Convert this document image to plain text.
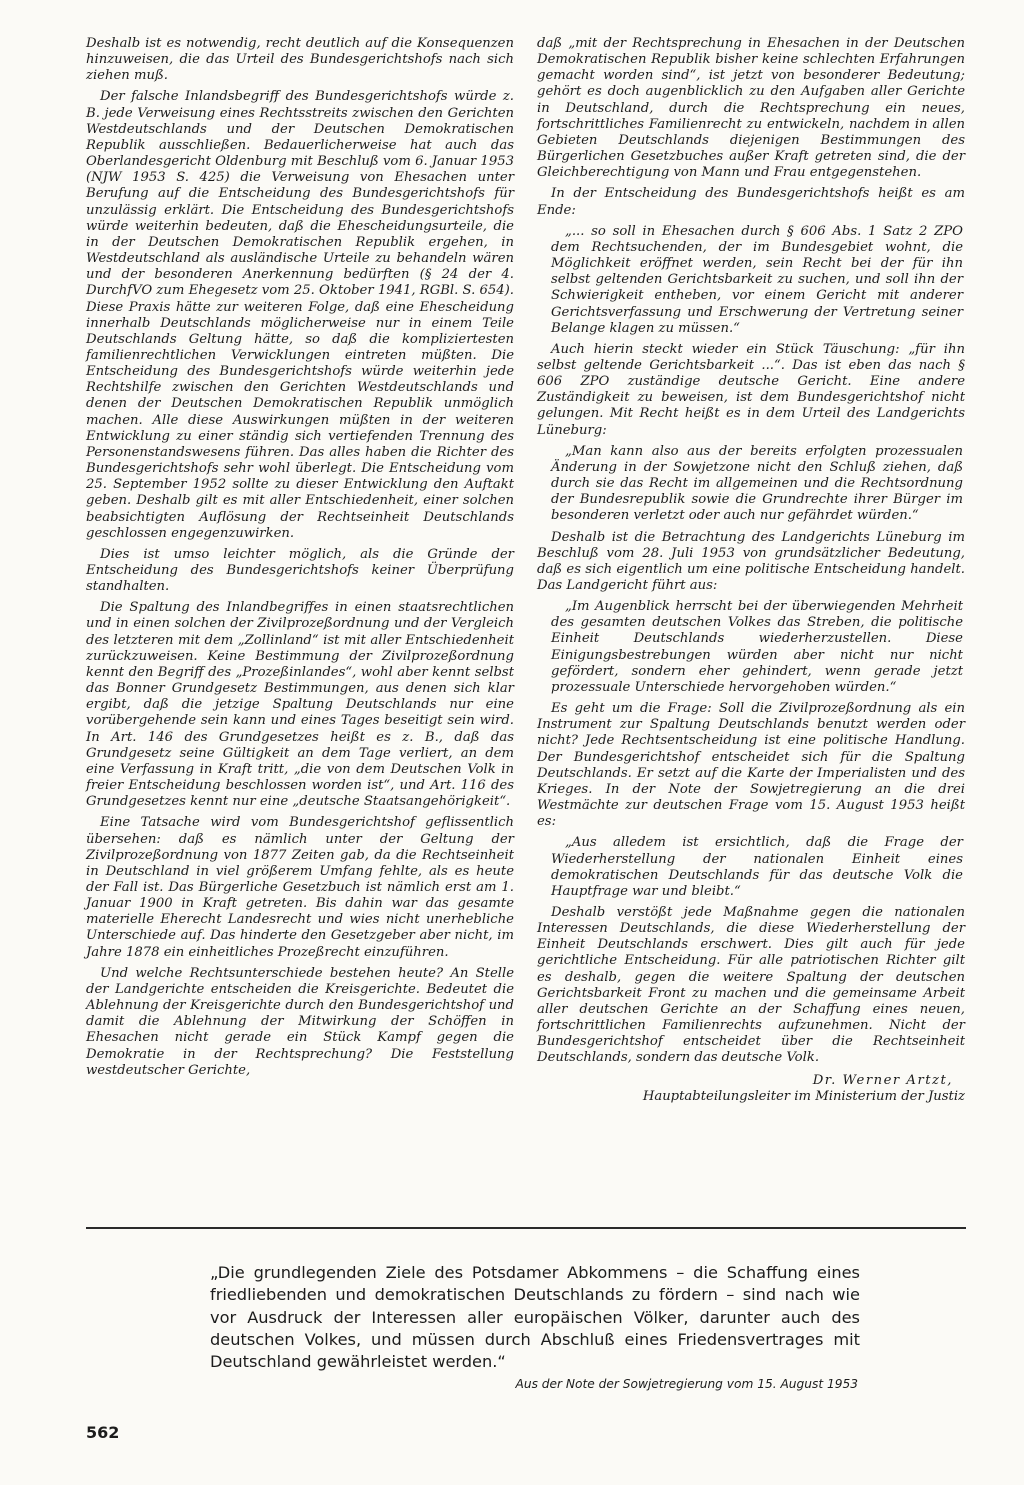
Deshalb ist es notwendig, recht deutlich auf die Konsequenzen hinzuweisen, die das Urteil des Bundesgerichtshofs nach sich ziehen muß.

Der falsche Inlandsbegriff des Bundesgerichtshofs würde z. B. jede Verweisung eines Rechtsstreits zwischen den Gerichten Westdeutschlands und der Deutschen Demokratischen Republik ausschließen. Bedauerlicherweise hat auch das Oberlandesgericht Oldenburg mit Beschluß vom 6. Januar 1953 (NJW 1953 S. 425) die Verweisung von Ehesachen unter Berufung auf die Entscheidung des Bundesgerichtshofs für unzulässig erklärt. Die Entscheidung des Bundesgerichtshofs würde weiterhin bedeuten, daß die Ehescheidungsurteile, die in der Deutschen Demokratischen Republik ergehen, in Westdeutschland als ausländische Urteile zu behandeln wären und der besonderen Anerkennung bedürften (§ 24 der 4. DurchfVO zum Ehegesetz vom 25. Oktober 1941, RGBl. S. 654). Diese Praxis hätte zur weiteren Folge, daß eine Ehescheidung innerhalb Deutschlands möglicherweise nur in einem Teile Deutschlands Geltung hätte, so daß die kompliziertesten familienrechtlichen Verwicklungen eintreten müßten. Die Entscheidung des Bundesgerichtshofs würde weiterhin jede Rechtshilfe zwischen den Gerichten Westdeutschlands und denen der Deutschen Demokratischen Republik unmöglich machen. Alle diese Auswirkungen müßten in der weiteren Entwicklung zu einer ständig sich vertiefenden Trennung des Personenstandswesens führen. Das alles haben die Richter des Bundesgerichtshofs sehr wohl überlegt. Die Entscheidung vom 25. September 1952 sollte zu dieser Entwicklung den Auftakt geben. Deshalb gilt es mit aller Entschiedenheit, einer solchen beabsichtigten Auflösung der Rechtseinheit Deutschlands geschlossen engegenzuwirken.

Dies ist umso leichter möglich, als die Gründe der Entscheidung des Bundesgerichtshofs keiner Überprüfung standhalten.

Die Spaltung des Inlandbegriffes in einen staatsrechtlichen und in einen solchen der Zivilprozeßordnung und der Vergleich des letzteren mit dem „Zollinland“ ist mit aller Entschiedenheit zurückzuweisen. Keine Bestimmung der Zivilprozeßordnung kennt den Begriff des „Prozeßinlandes“, wohl aber kennt selbst das Bonner Grundgesetz Bestimmungen, aus denen sich klar ergibt, daß die jetzige Spaltung Deutschlands nur eine vorübergehende sein kann und eines Tages beseitigt sein wird. In Art. 146 des Grundgesetzes heißt es z. B., daß das Grundgesetz seine Gültigkeit an dem Tage verliert, an dem eine Verfassung in Kraft tritt, „die von dem Deutschen Volk in freier Entscheidung beschlossen worden ist“, und Art. 116 des Grundgesetzes kennt nur eine „deutsche Staatsangehörigkeit“.

Eine Tatsache wird vom Bundesgerichtshof geflissentlich übersehen: daß es nämlich unter der Geltung der Zivilprozeßordnung von 1877 Zeiten gab, da die Rechtseinheit in Deutschland in viel größerem Umfang fehlte, als es heute der Fall ist. Das Bürgerliche Gesetzbuch ist nämlich erst am 1. Januar 1900 in Kraft getreten. Bis dahin war das gesamte materielle Eherecht Landesrecht und wies nicht unerhebliche Unterschiede auf. Das hinderte den Gesetzgeber aber nicht, im Jahre 1878 ein einheitliches Prozeßrecht einzuführen.

Und welche Rechtsunterschiede bestehen heute? An Stelle der Landgerichte entscheiden die Kreisgerichte. Bedeutet die Ablehnung der Kreisgerichte durch den Bundesgerichtshof und damit die Ablehnung der Mitwirkung der Schöffen in Ehesachen nicht gerade ein Stück Kampf gegen die Demokratie in der Rechtsprechung? Die Feststellung westdeutscher Gerichte,

daß „mit der Rechtsprechung in Ehesachen in der Deutschen Demokratischen Republik bisher keine schlechten Erfahrungen gemacht worden sind“, ist jetzt von besonderer Bedeutung; gehört es doch augenblicklich zu den Aufgaben aller Gerichte in Deutschland, durch die Rechtsprechung ein neues, fortschrittliches Familienrecht zu entwickeln, nachdem in allen Gebieten Deutschlands diejenigen Bestimmungen des Bürgerlichen Gesetzbuches außer Kraft getreten sind, die der Gleichberechtigung von Mann und Frau entgegenstehen.

In der Entscheidung des Bundesgerichtshofs heißt es am Ende:

„... so soll in Ehesachen durch § 606 Abs. 1 Satz 2 ZPO dem Rechtsuchenden, der im Bundesgebiet wohnt, die Möglichkeit eröffnet werden, sein Recht bei der für ihn selbst geltenden Gerichtsbarkeit zu suchen, und soll ihn der Schwierigkeit entheben, vor einem Gericht mit anderer Gerichtsverfassung und Erschwerung der Vertretung seiner Belange klagen zu müssen.“

Auch hierin steckt wieder ein Stück Täuschung: „für ihn selbst geltende Gerichtsbarkeit ...“. Das ist eben das nach § 606 ZPO zuständige deutsche Gericht. Eine andere Zuständigkeit zu beweisen, ist dem Bundesgerichtshof nicht gelungen. Mit Recht heißt es in dem Urteil des Landgerichts Lüneburg:

„Man kann also aus der bereits erfolgten prozessualen Änderung in der Sowjetzone nicht den Schluß ziehen, daß durch sie das Recht im allgemeinen und die Rechtsordnung der Bundesrepublik sowie die Grundrechte ihrer Bürger im besonderen verletzt oder auch nur gefährdet würden.“

Deshalb ist die Betrachtung des Landgerichts Lüneburg im Beschluß vom 28. Juli 1953 von grundsätzlicher Bedeutung, daß es sich eigentlich um eine politische Entscheidung handelt. Das Landgericht führt aus:

„Im Augenblick herrscht bei der überwiegenden Mehrheit des gesamten deutschen Volkes das Streben, die politische Einheit Deutschlands wiederherzustellen. Diese Einigungsbestrebungen würden aber nicht nur nicht gefördert, sondern eher gehindert, wenn gerade jetzt prozessuale Unterschiede hervorgehoben würden.“

Es geht um die Frage: Soll die Zivilprozeßordnung als ein Instrument zur Spaltung Deutschlands benutzt werden oder nicht? Jede Rechtsentscheidung ist eine politische Handlung. Der Bundesgerichtshof entscheidet sich für die Spaltung Deutschlands. Er setzt auf die Karte der Imperialisten und des Krieges. In der Note der Sowjetregierung an die drei Westmächte zur deutschen Frage vom 15. August 1953 heißt es:

„Aus alledem ist ersichtlich, daß die Frage der Wiederherstellung der nationalen Einheit eines demokratischen Deutschlands für das deutsche Volk die Hauptfrage war und bleibt.“

Deshalb verstößt jede Maßnahme gegen die nationalen Interessen Deutschlands, die diese Wiederherstellung der Einheit Deutschlands erschwert. Dies gilt auch für jede gerichtliche Entscheidung. Für alle patriotischen Richter gilt es deshalb, gegen die weitere Spaltung der deutschen Gerichtsbarkeit Front zu machen und die gemeinsame Arbeit aller deutschen Gerichte an der Schaffung eines neuen, fortschrittlichen Familienrechts aufzunehmen. Nicht der Bundesgerichtshof entscheidet über die Rechtseinheit Deutschlands, sondern das deutsche Volk.

Dr. Werner Artzt,

Hauptabteilungsleiter im Ministerium der Justiz

„Die grundlegenden Ziele des Potsdamer Abkommens – die Schaffung eines friedliebenden und demokratischen Deutschlands zu fördern – sind nach wie vor Ausdruck der Interessen aller europäischen Völker, darunter auch des deutschen Volkes, und müssen durch Abschluß eines Friedensvertrages mit Deutschland gewährleistet werden.“
Aus der Note der Sowjetregierung vom 15. August 1953
562
